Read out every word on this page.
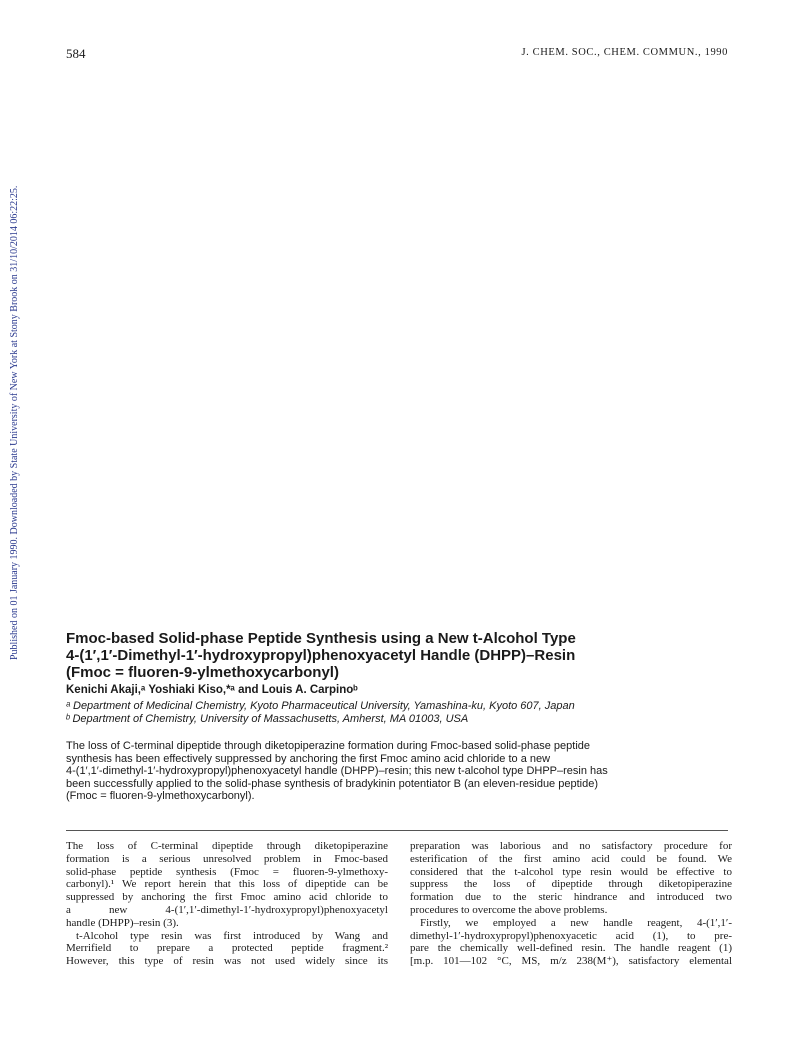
584	J. CHEM. SOC., CHEM. COMMUN., 1990
Published on 01 January 1990. Downloaded by State University of New York at Stony Brook on 31/10/2014 06:22:25.	Fmoc-based Solid-phase Peptide Synthesis using a New t-Alcohol Type
4-(1′,1′-Dimethyl-1′-hydroxypropyl)phenoxyacetyl Handle (DHPP)–Resin
(Fmoc = fluoren-9-ylmethoxycarbonyl)
Kenichi Akaji,ᵃ Yoshiaki Kiso,*ᵃ and Louis A. Carpinoᵇ
ᵃ Department of Medicinal Chemistry, Kyoto Pharmaceutical University, Yamashina-ku, Kyoto 607, Japan
ᵇ Department of Chemistry, University of Massachusetts, Amherst, MA 01003, USA
The loss of C-terminal dipeptide through diketopiperazine formation during Fmoc-based solid-phase peptide
synthesis has been effectively suppressed by anchoring the first Fmoc amino acid chloride to a new
4-(1′,1′-dimethyl-1′-hydroxypropyl)phenoxyacetyl handle (DHPP)–resin; this new t-alcohol type DHPP–resin has
been successfully applied to the solid-phase synthesis of bradykinin potentiator B (an eleven-residue peptide)
(Fmoc = fluoren-9-ylmethoxycarbonyl).
The loss of C-terminal dipeptide through diketopiperazine
formation is a serious unresolved problem in Fmoc-based
solid-phase peptide synthesis (Fmoc = fluoren-9-ylmethoxy-
carbonyl).¹ We report herein that this loss of dipeptide can be
suppressed by anchoring the first Fmoc amino acid chloride to
a new 4-(1′,1′-dimethyl-1′-hydroxypropyl)phenoxyacetyl
handle (DHPP)–resin (3).
t-Alcohol type resin was first introduced by Wang and
Merrifield to prepare a protected peptide fragment.²
However, this type of resin was not used widely since its
preparation was laborious and no satisfactory procedure for
esterification of the first amino acid could be found. We
considered that the t-alcohol type resin would be effective to
suppress the loss of dipeptide through diketopiperazine
formation due to the steric hindrance and introduced two
procedures to overcome the above problems.
Firstly, we employed a new handle reagent, 4-(1′,1′-
dimethyl-1′-hydroxypropyl)phenoxyacetic acid (1), to pre-
pare the chemically well-defined resin. The handle reagent (1)
[m.p. 101—102 °C, MS, m/z 238(M⁺), satisfactory elemental
